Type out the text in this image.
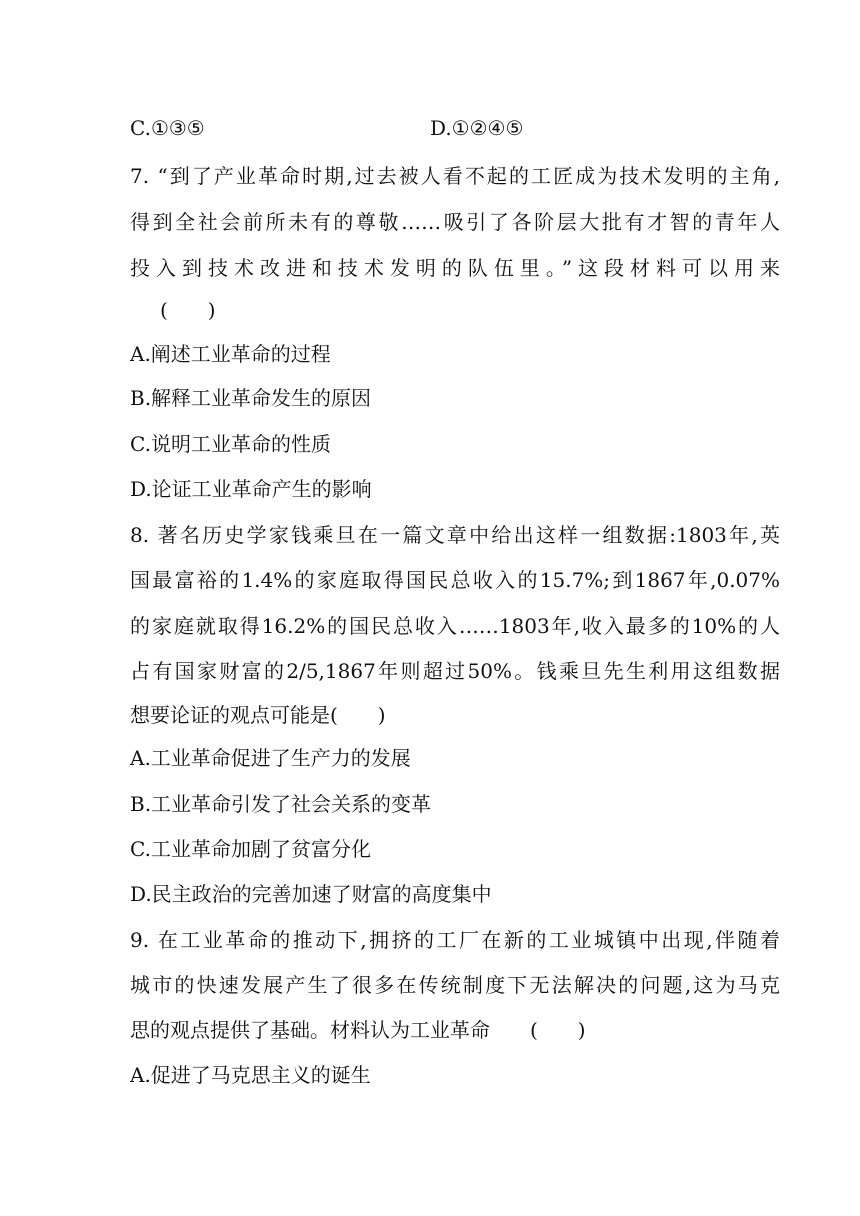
C.①③⑤	D.①②④⑤
7. “到了产业革命时期,过去被人看不起的工匠成为技术发明的主角,
得到全社会前所未有的尊敬……吸引了各阶层大批有才智的青年人
投入到技术改进和技术发明的队伍里。”这段材料可以用来
(　　)
A.阐述工业革命的过程
B.解释工业革命发生的原因
C.说明工业革命的性质
D.论证工业革命产生的影响
8. 著名历史学家钱乘旦在一篇文章中给出这样一组数据:1803年,英
国最富裕的1.4%的家庭取得国民总收入的15.7%;到1867年,0.07%
的家庭就取得16.2%的国民总收入……1803年,收入最多的10%的人
占有国家财富的2/5,1867年则超过50%。钱乘旦先生利用这组数据
想要论证的观点可能是(　　)
A.工业革命促进了生产力的发展
B.工业革命引发了社会关系的变革
C.工业革命加剧了贫富分化
D.民主政治的完善加速了财富的高度集中
9. 在工业革命的推动下,拥挤的工厂在新的工业城镇中出现,伴随着
城市的快速发展产生了很多在传统制度下无法解决的问题,这为马克
思的观点提供了基础。材料认为工业革命　　(　　)
A.促进了马克思主义的诞生
